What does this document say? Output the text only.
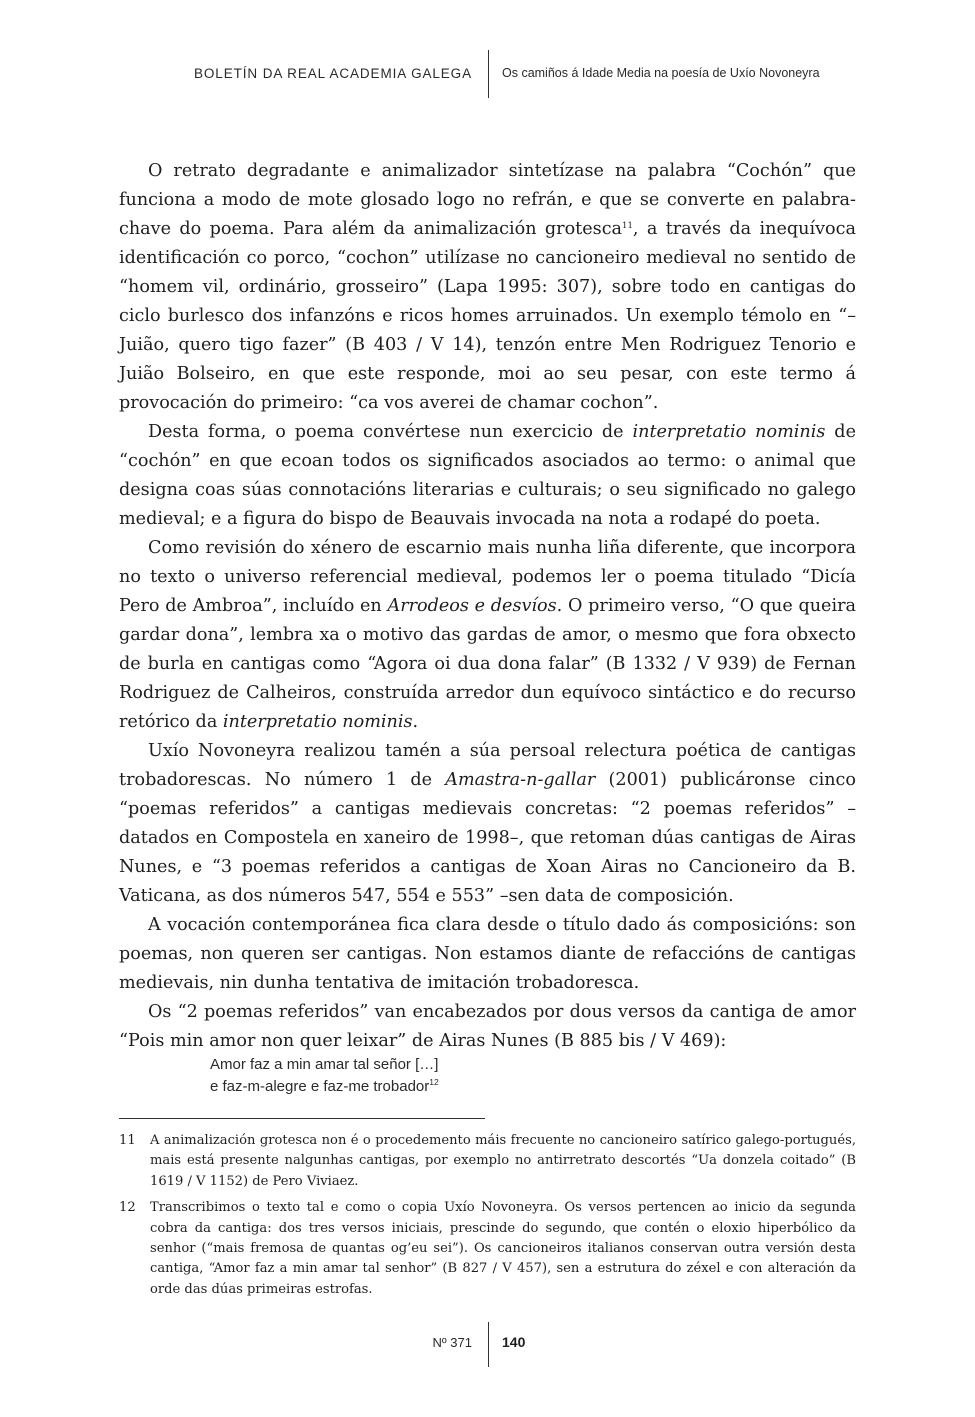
BOLETÍN DA REAL ACADEMIA GALEGA Os camiños á Idade Media na poesía de Uxío Novoneyra

O retrato degradante e animalizador sintetízase na palabra “Cochón” que funciona a modo de mote glosado logo no refrán, e que se converte en palabra-chave do poema. Para além da animalización grotesca$^{11}$, a través da inequívoca identificación co porco, “cochon” utilízase no cancioneiro medieval no sentido de “homem vil, ordinário, grosseiro” (Lapa 1995: 307), sobre todo en cantigas do ciclo burlesco dos infanzóns e ricos homes arruinados. Un exemplo témolo en “–Juião, quero tigo fazer” (B 403 / V 14), tenzón entre Men Rodriguez Tenorio e Juião Bolseiro, en que este responde, moi ao seu pesar, con este termo á provocación do primeiro: “ca vos averei de chamar cochon”.

Desta forma, o poema convértese nun exercicio de interpretatio nominis de “cochón” en que ecoan todos os significados asociados ao termo: o animal que designa coas súas connotacións literarias e culturais; o seu significado no galego medieval; e a figura do bispo de Beauvais invocada na nota a rodapé do poeta.

Como revisión do xénero de escarnio mais nunha liña diferente, que incorpora no texto o universo referencial medieval, podemos ler o poema titulado “Dicía Pero de Ambroa”, incluído en Arrodeos e desvíos. O primeiro verso, “O que queira gardar dona”, lembra xa o motivo das gardas de amor, o mesmo que fora obxecto de burla en cantigas como “Agora oi dua dona falar” (B 1332 / V 939) de Fernan Rodriguez de Calheiros, construída arredor dun equívoco sintáctico e do recurso retórico da interpretatio nominis.

Uxío Novoneyra realizou tamén a súa persoal relectura poética de cantigas trobadorescas. No número 1 de Amastra-n-gallar (2001) publicáronse cinco “poemas referidos” a cantigas medievais concretas: “2 poemas referidos” –datados en Compostela en xaneiro de 1998–, que retoman dúas cantigas de Airas Nunes, e “3 poemas referidos a cantigas de Xoan Airas no Cancioneiro da B. Vaticana, as dos números 547, 554 e 553” –sen data de composición.

A vocación contemporánea fica clara desde o título dado ás composicións: son poemas, non queren ser cantigas. Non estamos diante de refaccións de cantigas medievais, nin dunha tentativa de imitación trobadoresca.

Os “2 poemas referidos” van encabezados por dous versos da cantiga de amor “Pois min amor non quer leixar” de Airas Nunes (B 885 bis / V 469):

Amor faz a min amar tal señor […]
e faz-m-alegre e faz-me trobador$^{12}$
11 A animalización grotesca non é o procedemento máis frecuente no cancioneiro satírico galego-portugués, mais está presente nalgunhas cantigas, por exemplo no antirretrato descortés “Ua donzela coitado” (B 1619 / V 1152) de Pero Viviaez.
12 Transcribimos o texto tal e como o copia Uxío Novoneyra. Os versos pertencen ao inicio da segunda cobra da cantiga: dos tres versos iniciais, prescinde do segundo, que contén o eloxio hiperbólico da senhor (“mais fremosa de quantas og’eu sei”). Os cancioneiros italianos conservan outra versión desta cantiga, “Amor faz a min amar tal senhor” (B 827 / V 457), sen a estrutura do zéxel e con alteración da orde das dúas primeiras estrofas.
Nº 371 140
